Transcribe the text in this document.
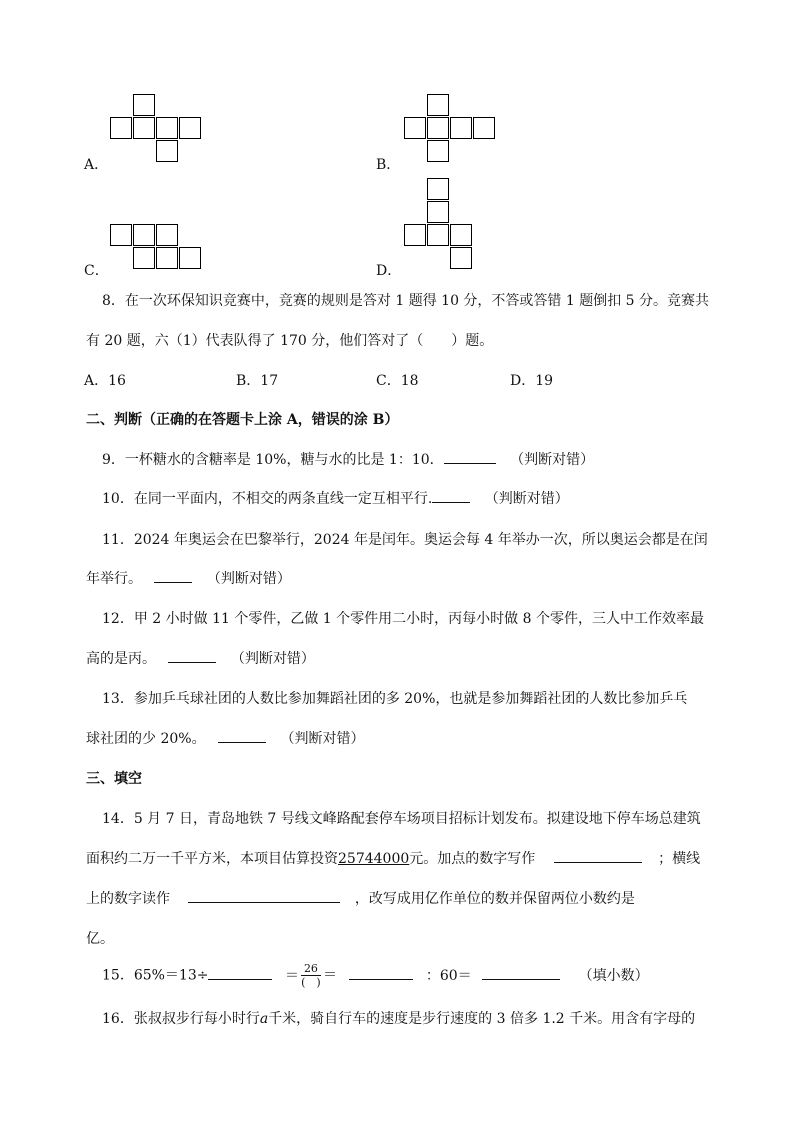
A．	B．
C．	D．
8．在一次环保知识竞赛中，竞赛的规则是答对 1 题得 10 分，不答或答错 1 题倒扣 5 分。竞赛共
有 20 题，六（1）代表队得了 170 分，他们答对了（　　）题。
A．16	B．17	C．18	D．19
二、判断（正确的在答题卡上涂 A，错误的涂 B）
9．一杯糖水的含糖率是 10%，糖与水的比是 1：10．	（判断对错）
10．在同一平面内，不相交的两条直线一定互相平行.	（判断对错）
11．2024 年奥运会在巴黎举行，2024 年是闰年。奥运会每 4 年举办一次，所以奥运会都是在闰
年举行。	（判断对错）
12．甲 2 小时做 11 个零件，乙做 1 个零件用二小时，丙每小时做 8 个零件，三人中工作效率最
高的是丙。	（判断对错）
13．参加乒乓球社团的人数比参加舞蹈社团的多 20%，也就是参加舞蹈社团的人数比参加乒乓
球社团的少 20%。	（判断对错）
三、填空
14．5 月 7 日，青岛地铁 7 号线文峰路配套停车场项目招标计划发布。拟建设地下停车场总建筑
面积约二万一千平方米，本项目估算投资25744000元。加点的数字写作	；横线
上的数字读作	，改写成用亿作单位的数并保留两位小数约是
亿。
15．65%＝13÷	＝ $\frac{26}{( )}$ ＝	：60＝	（填小数）
16．张叔叔步行每小时行a千米，骑自行车的速度是步行速度的 3 倍多 1.2 千米。用含有字母的
